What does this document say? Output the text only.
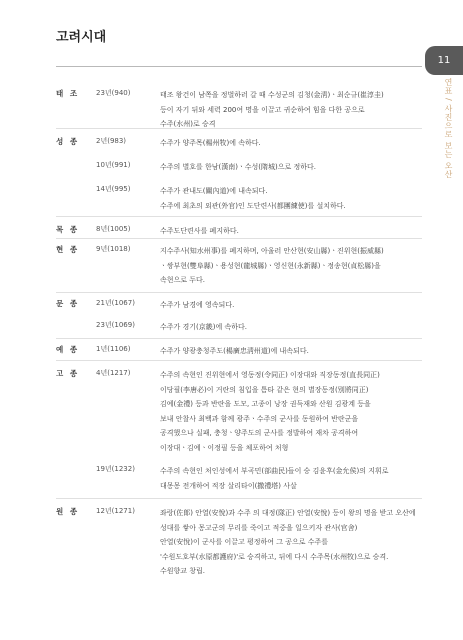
고려시대
11
연표 / 사진으로 보는 오산
태 조	23년(940)	태조 왕건이 남쪽을 정벌하러 갈 때 수성군의 김청(金淸)ㆍ최순규(崔淳圭)
등이 자기 뒤와 세력 200여 명을 이끌고 귀순하여 힘을 다한 공으로
수주(水州)로 승격
성 종	2년(983)	수주가 양주목(楊州牧)에 속하다.
10년(991)	수주의 별호를 한남(漢南)ㆍ수성(隋城)으로 정하다.
14년(995)	수주가 관내도(關內道)에 내속되다.
수주에 최초의 외관(外官)인 도단련사(都團練使)를 설치하다.
목 종	8년(1005)	수주도단련사를 폐지하다.
현 종	9년(1018)	지수주사(知水州事)를 폐지하며, 아울러 안산현(安山縣)ㆍ진위현(振威縣)
ㆍ쌍부현(雙阜縣)ㆍ용성현(龍城縣)ㆍ영신현(永新縣)ㆍ정송현(貞松縣)을
속현으로 두다.
문 종	21년(1067)	수주가 남경에 영속되다.
23년(1069)	수주가 경기(京畿)에 속하다.
예 종	1년(1106)	수주가 양광충청주도(楊廣忠淸州道)에 내속되다.
고 종	4년(1217)	수주의 속현인 진위현에서 영동정(令同正) 이장대와 직장동정(直長同正)
이당필(李唐必)이 거란의 침입을 틈타 같은 현의 별장동정(別將同正)
김예(金禮) 등과 반란을 도모, 고종이 낭장 권득재와 산원 김광계 등을
보내 안찰사 최백과 함께 광주ㆍ수주의 군사를 동원하여 반란군을
공격했으나 실패, 충청ㆍ양주도의 군사를 정발하여 재차 공격하여
이장대ㆍ김예ㆍ이정필 등을 체포하여 처형
19년(1232)	수주의 속현인 처인성에서 부곡민(部曲民)들이 승 김윤후(金允侯)의 지휘로
대몽몽 전개하여 적장 살리타이(撒禮塔) 사살
원 종	12년(1271)	좌랑(佐郞) 안열(安悅)과 수주 의 대정(隊正) 안열(安悅) 등이 왕의 명을 받고 오산에
성대를 쌓아 몽고군의 무리를 죽이고 적중을 일으키자 관사(官舍)
안열(安悅)이 군사를 이끌고 평정하여 그 공으로 수주를
'수원도호부(水原都護府)'로 승격하고, 뒤에 다시 수주목(水州牧)으로 승격.
수원향교 창립.
